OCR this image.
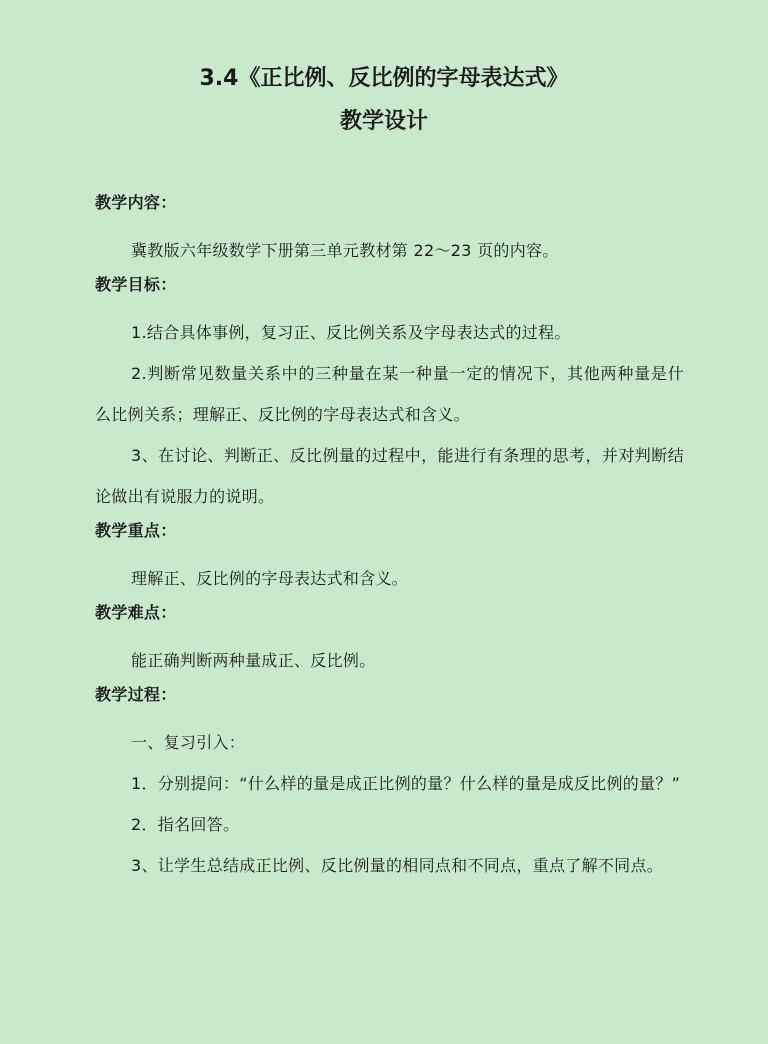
3.4《正比例、反比例的字母表达式》
教学设计
教学内容：
冀教版六年级数学下册第三单元教材第 22～23 页的内容。
教学目标：
1.结合具体事例，复习正、反比例关系及字母表达式的过程。
2.判断常见数量关系中的三种量在某一种量一定的情况下，其他两种量是什么比例关系；理解正、反比例的字母表达式和含义。
3、在讨论、判断正、反比例量的过程中，能进行有条理的思考，并对判断结论做出有说服力的说明。
教学重点：
理解正、反比例的字母表达式和含义。
教学难点：
能正确判断两种量成正、反比例。
教学过程：
一、复习引入：
1．分别提问：“什么样的量是成正比例的量？什么样的量是成反比例的量？”
2．指名回答。
3、让学生总结成正比例、反比例量的相同点和不同点，重点了解不同点。
